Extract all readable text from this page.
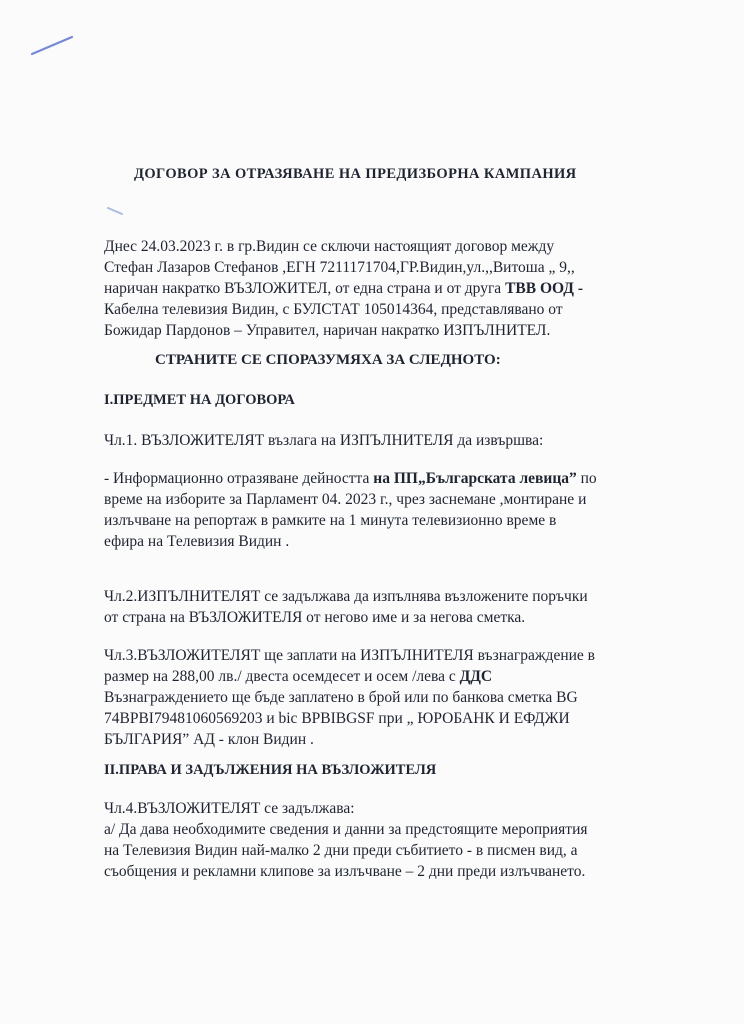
ДОГОВОР ЗА ОТРАЗЯВАНЕ НА ПРЕДИЗБОРНА КАМПАНИЯ
Днес 24.03.2023 г. в гр.Видин се сключи настоящият договор между
Стефан Лазаров Стефанов ,ЕГН 7211171704,ГР.Видин,ул.,,Витоша „ 9,,
наричан накратко ВЪЗЛОЖИТЕЛ, от една страна и от друга ТВВ ООД -
Кабелна телевизия Видин, с БУЛСТАТ 105014364, представлявано от
Божидар Пардонов – Управител, наричан накратко ИЗПЪЛНИТЕЛ.
СТРАНИТЕ СЕ СПОРАЗУМЯХА ЗА СЛЕДНОТО:
I.ПРЕДМЕТ НА ДОГОВОРА
Чл.1. ВЪЗЛОЖИТЕЛЯТ възлага на ИЗПЪЛНИТЕЛЯ да извършва:
- Информационно отразяване дейността на ПП„Българската левица” по
време на изборите за Парламент 04. 2023 г., чрез заснемане ,монтиране и
излъчване на репортаж в рамките на 1 минута телевизионно време в
ефира на Телевизия Видин .
Чл.2.ИЗПЪЛНИТЕЛЯТ се задължава да изпълнява възложените поръчки
от страна на ВЪЗЛОЖИТЕЛЯ от негово име и за негова сметка.
Чл.3.ВЪЗЛОЖИТЕЛЯТ ще заплати на ИЗПЪЛНИТЕЛЯ възнаграждение в
размер на 288,00 лв./ двеста осемдесет и осем /лева с ДДС
Възнаграждението ще бъде заплатено в брой или по банкова сметка BG
74BPBI79481060569203 и bic BPBIBGSF при „ ЮРОБАНК И ЕФДЖИ
БЪЛГАРИЯ” АД - клон Видин .
II.ПРАВА И ЗАДЪЛЖЕНИЯ НА ВЪЗЛОЖИТЕЛЯ
Чл.4.ВЪЗЛОЖИТЕЛЯТ се задължава:
а/ Да дава необходимите сведения и данни за предстоящите мероприятия
на Телевизия Видин най-малко 2 дни преди събитието - в писмен вид, а
съобщения и рекламни клипове за излъчване – 2 дни преди излъчването.
